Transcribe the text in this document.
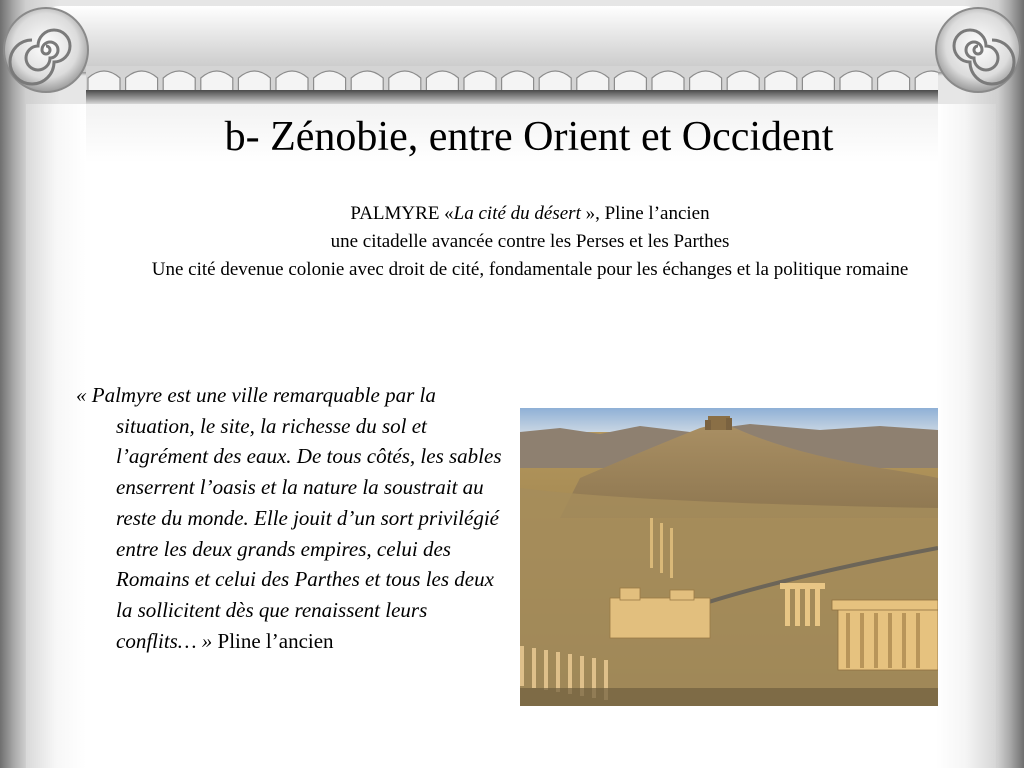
b- Zénobie, entre Orient et Occident

PALMYRE «La cité du désert », Pline l’ancien

une citadelle avancée contre les Perses et les Parthes

Une cité devenue colonie avec droit de cité, fondamentale pour les échanges et la politique romaine

« Palmyre est une ville remarquable par la situation, le site, la richesse du sol et l’agrément des eaux. De tous côtés, les sables enserrent l’oasis et la nature la soustrait au reste du monde. Elle jouit d’un sort privilégié entre les deux grands empires, celui des Romains et celui des Parthes et tous les deux la sollicitent dès que renaissent leurs conflits… » Pline l’ancien
